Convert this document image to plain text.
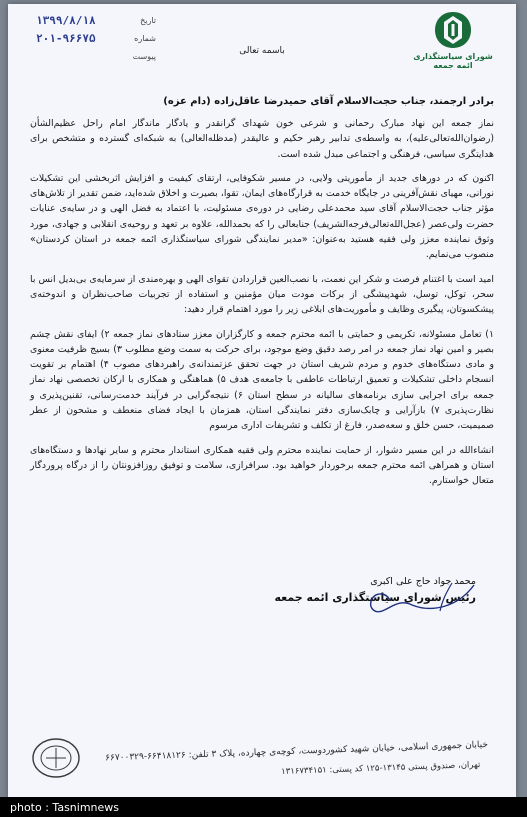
تاریخ
۱۳۹۹/۸/۱۸
شماره
۲۰۱-۹۶۶۷۵
پیوست
باسمه تعالی
شورای سیاستگذاری ائمه جمعه
برادر ارجمند، جناب حجت‌الاسلام آقای حمیدرضا عاقل‌زاده (دام عزه)

نماز جمعه این نهاد مبارک رحمانی و شرعی خون شهدای گرانقدر و یادگار ماندگار امام راحل عظیم‌الشأن (رضوان‌الله‌تعالی‌علیه)، به واسطه‌ی تدابیر رهبر حکیم و عالیقدر (مدظله‌العالی) به شبکه‌ای گسترده و متشخص برای هدایتگری سیاسی، فرهنگی و اجتماعی مبدل شده است.

اکنون که در دورهای جدید از مأموریتی ولایی، در مسیر شکوفایی، ارتقای کیفیت و افزایش اثربخشی این تشکیلات نورانی، مهیای نقش‌آفرینی در جایگاه خدمت به قرارگاه‌های ایمان، تقوا، بصیرت و اخلاق شده‌اید، ضمن تقدیر از تلاش‌های مؤثر جناب حجت‌الاسلام آقای سید محمدعلی رضایی در دوره‌ی مسئولیت، با اعتماد به فضل الهی و در سایه‌ی عنایات حضرت ولی‌عصر (عجل‌الله‌تعالی‌فرجه‌الشریف) جنابعالی را که بحمدالله، علاوه بر تعهد و روحیه‌ی انقلابی و جهادی، مورد وثوق نماینده معزز ولی فقیه هستید به‌عنوان: «مدیر نمایندگی شورای سیاستگذاری ائمه جمعه در استان کردستان» منصوب می‌نمایم.

امید است با اغتنام فرصت و شکر این نعمت، با نصب‌العین قراردادن تقوای الهی و بهره‌مندی از سرمایه‌ی بی‌بدیل انس با سحر، توکل، توسل، شهدپیشگی از برکات مودت میان مؤمنین و استفاده از تجربیات صاحب‌نظران و اندوخته‌ی پیشکسوتان، پیگیری وظایف و مأموریت‌های ابلاغی زیر را مورد اهتمام قرار دهید:

۱) تعامل مسئولانه، تکریمی و حمایتی با ائمه محترم جمعه و کارگزاران معزز ستادهای نماز جمعه ۲) ایفای نقش چشم بصیر و امین نهاد نماز جمعه در امر رصد دقیق وضع موجود، برای حرکت به سمت وضع مطلوب ۳) بسیج ظرفیت معنوی و مادی دستگاه‌های خدوم و مردم شریف استان در جهت تحقق عزتمندانه‌ی راهبردهای مصوب ۴) اهتمام بر تقویت انسجام داخلی تشکیلات و تعمیق ارتباطات عاطفی با جامعه‌ی هدف ۵) هماهنگی و همکاری با ارکان تخصصی نهاد نماز جمعه برای اجرایی سازی برنامه‌های سالیانه در سطح استان ۶) نتیجه‌گرایی در فرآیند خدمت‌رسانی، تقنین‌پذیری و نظارت‌پذیری ۷) بازآرایی و چابک‌سازی دفتر نمایندگی استان، همزمان با ایجاد فضای منعطف و مشحون از عطر صمیمیت، حسن خلق و سعه‌صدر، فارغ از تکلف و تشریفات اداری مرسوم

انشاءالله در این مسیر دشوار، از حمایت نماینده محترم ولی فقیه همکاری استاندار محترم و سایر نهادها و دستگاه‌های استان و همراهی ائمه محترم جمعه برخوردار خواهید بود. سرافرازی، سلامت و توفیق روزافزونتان را از درگاه پروردگار متعال خواستارم.

محمد جواد حاج علی اکبری
رئیس شورای سیاستگذاری ائمه جمعه
خیابان جمهوری اسلامی، خیابان شهید کشوردوست، کوچه‌ی چهارده، پلاک ۳ تلفن: ۶۶۴۱۸۱۲۶-۶۶۷۰۰۳۲۹
تهران، صندوق پستی ۱۳۱۴۵-۱۲۵ کد پستی: ۱۳۱۶۷۳۴۱۵۱
photo : Tasnimnews
